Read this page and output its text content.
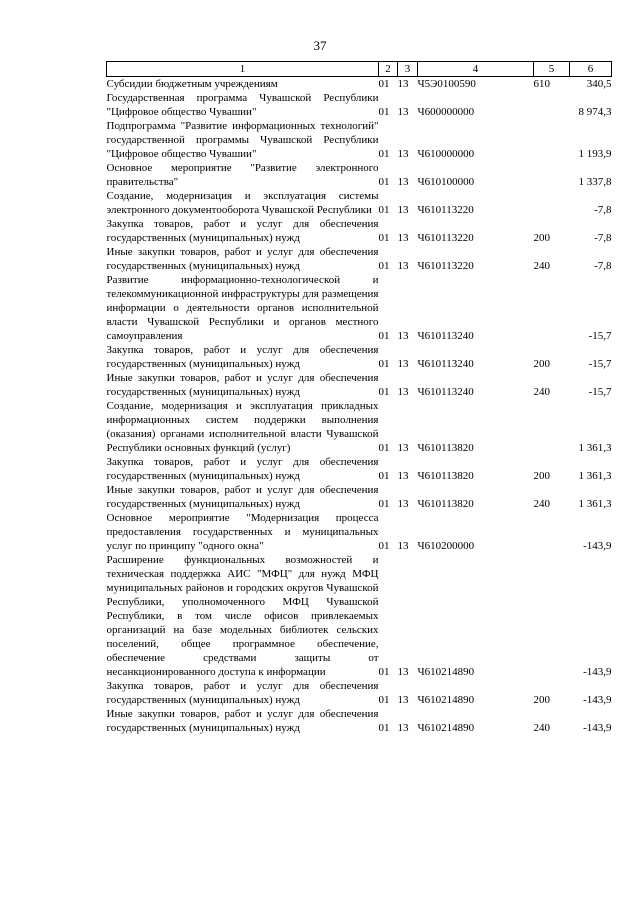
37
1	2	3	4	5	6
Субсидии бюджетным учреждениям	01	13	Ч5Э0100590	610	340,5
Государственная программа Чувашской Республики "Цифровое общество Чувашии"	01	13	Ч600000000		8 974,3
Подпрограмма "Развитие информационных технологий" государственной программы Чувашской Республики "Цифровое общество Чувашии"	01	13	Ч610000000		1 193,9
Основное мероприятие "Развитие электронного правительства"	01	13	Ч610100000		1 337,8
Создание, модернизация и эксплуатация системы электронного документооборота Чувашской Республики	01	13	Ч610113220		-7,8
Закупка товаров, работ и услуг для обеспечения государственных (муниципальных) нужд	01	13	Ч610113220	200	-7,8
Иные закупки товаров, работ и услуг для обеспечения государственных (муниципальных) нужд	01	13	Ч610113220	240	-7,8
Развитие информационно-технологической и телекоммуникационной инфраструктуры для размещения информации о деятельности органов исполнительной власти Чувашской Республики и органов местного самоуправления	01	13	Ч610113240		-15,7
Закупка товаров, работ и услуг для обеспечения государственных (муниципальных) нужд	01	13	Ч610113240	200	-15,7
Иные закупки товаров, работ и услуг для обеспечения государственных (муниципальных) нужд	01	13	Ч610113240	240	-15,7
Создание, модернизация и эксплуатация прикладных информационных систем поддержки выполнения (оказания) органами исполнительной власти Чувашской Республики основных функций (услуг)	01	13	Ч610113820		1 361,3
Закупка товаров, работ и услуг для обеспечения государственных (муниципальных) нужд	01	13	Ч610113820	200	1 361,3
Иные закупки товаров, работ и услуг для обеспечения государственных (муниципальных) нужд	01	13	Ч610113820	240	1 361,3
Основное мероприятие "Модернизация процесса предоставления государственных и муниципальных услуг по принципу "одного окна"	01	13	Ч610200000		-143,9
Расширение функциональных возможностей и техническая поддержка АИС "МФЦ" для нужд МФЦ муниципальных районов и городских округов Чувашской Республики, уполномоченного МФЦ Чувашской Республики, в том числе офисов привлекаемых организаций на базе модельных библиотек сельских поселений, общее программное обеспечение, обеспечение средствами защиты от несанкционированного доступа к информации	01	13	Ч610214890		-143,9
Закупка товаров, работ и услуг для обеспечения государственных (муниципальных) нужд	01	13	Ч610214890	200	-143,9
Иные закупки товаров, работ и услуг для обеспечения государственных (муниципальных) нужд	01	13	Ч610214890	240	-143,9
